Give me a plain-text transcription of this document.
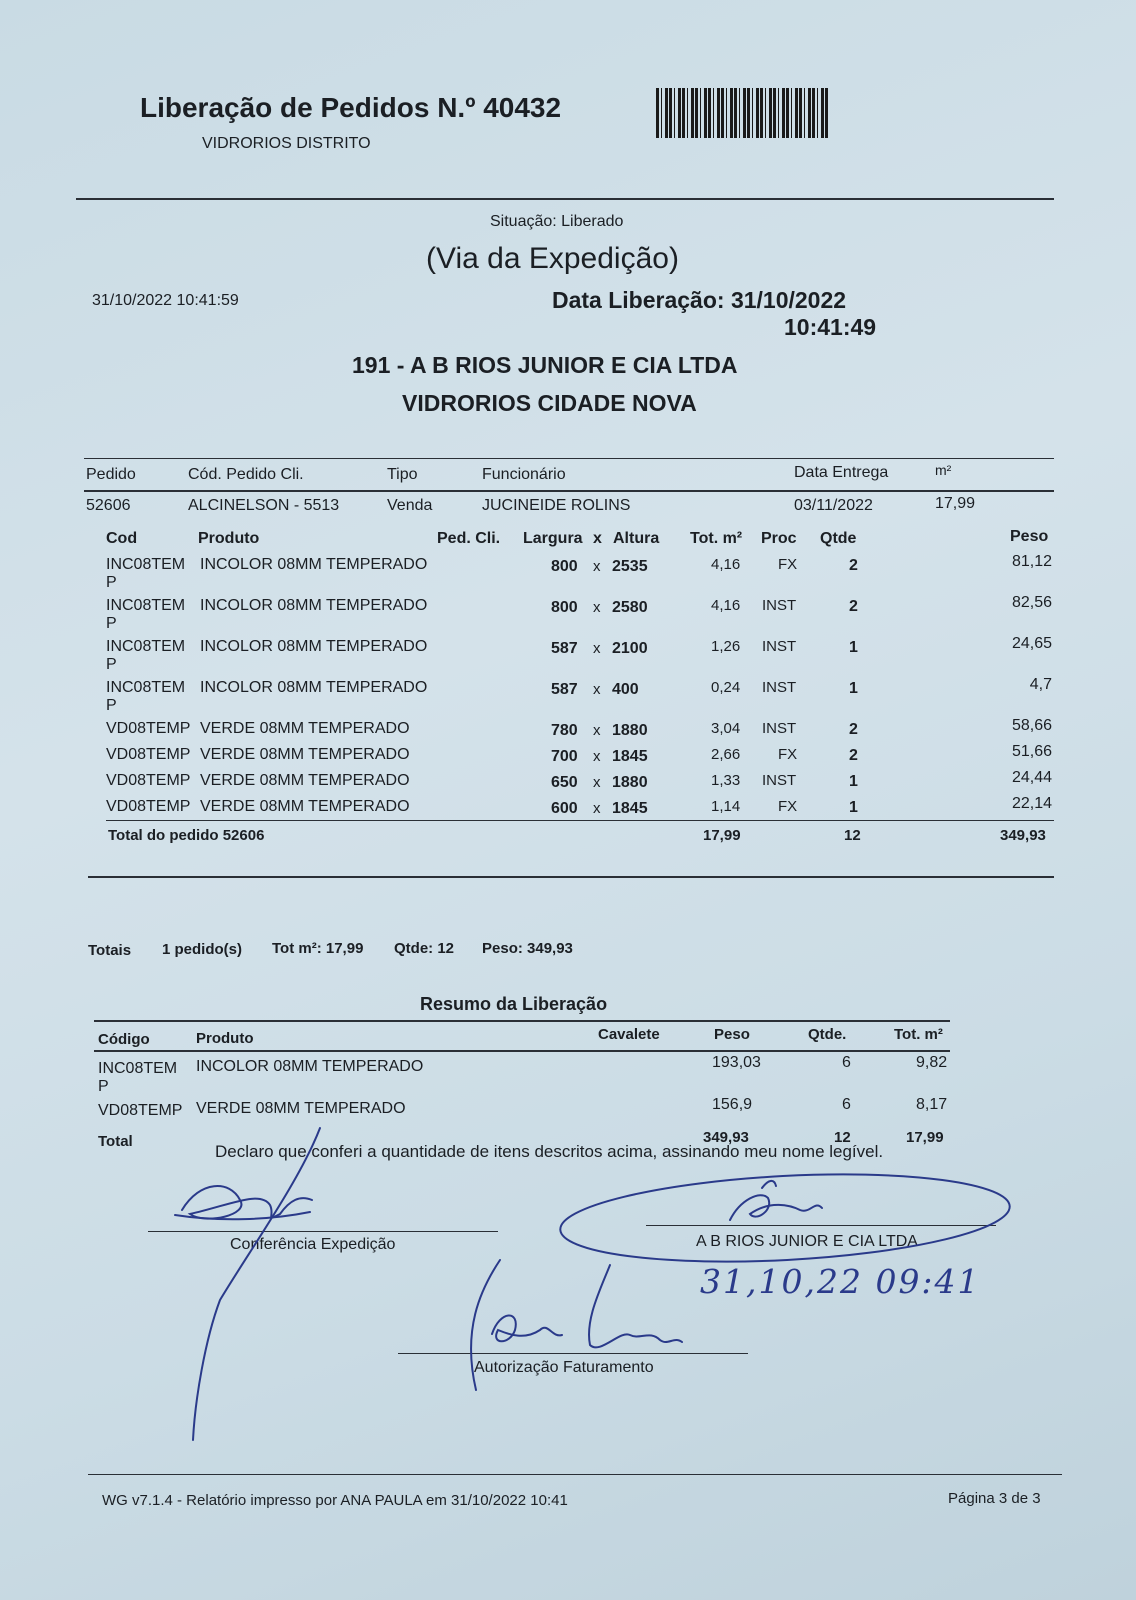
Liberação de Pedidos N.º 40432
VIDRORIOS DISTRITO
Situação: Liberado
(Via da Expedição)
31/10/2022 10:41:59	Data Liberação: 31/10/2022
10:41:49
191 - A B RIOS JUNIOR E CIA LTDA
VIDRORIOS CIDADE NOVA
Pedido	Cód. Pedido Cli.	Tipo	Funcionário	Data Entrega	m²
52606	ALCINELSON - 5513	Venda	JUCINEIDE ROLINS	03/11/2022	17,99
Cod	Produto	Ped. Cli. Largura x Altura Tot. m² Proc Qtde	Peso
INC08TEM INCOLOR 08MM TEMPERADO	800 x 2535	4,16	FX	2	81,12
P
INC08TEM INCOLOR 08MM TEMPERADO	800 x 2580	4,16 INST	2	82,56
P
INC08TEM INCOLOR 08MM TEMPERADO	587 x 2100	1,26 INST	1	24,65
P
INC08TEM INCOLOR 08MM TEMPERADO	587 x 400	0,24 INST	1	4,7
P
VD08TEMP VERDE 08MM TEMPERADO	780 x 1880	3,04 INST	2	58,66
VD08TEMP VERDE 08MM TEMPERADO	700 x 1845	2,66	FX	2	51,66
VD08TEMP VERDE 08MM TEMPERADO	650 x 1880	1,33 INST	1	24,44
VD08TEMP VERDE 08MM TEMPERADO	600 x 1845	1,14	FX	1	22,14
Total do pedido 52606	17,99	12	349,93
Totais 1 pedido(s) Tot m²: 17,99 Qtde: 12 Peso: 349,93
Resumo da Liberação
Código	Produto	Cavalete	Peso	Qtde.	Tot. m²
INC08TEM INCOLOR 08MM TEMPERADO	193,03	6	9,82
P
VD08TEMP VERDE 08MM TEMPERADO	156,9	6	8,17
Total	349,93	12	17,99
Declaro que conferi a quantidade de itens descritos acima, assinando meu nome legível.
Conferência Expedição	A B RIOS JUNIOR E CIA LTDA
Autorização Faturamento
31,10,22 09:41
WG v7.1.4 - Relatório impresso por ANA PAULA em 31/10/2022 10:41	Página 3 de 3
